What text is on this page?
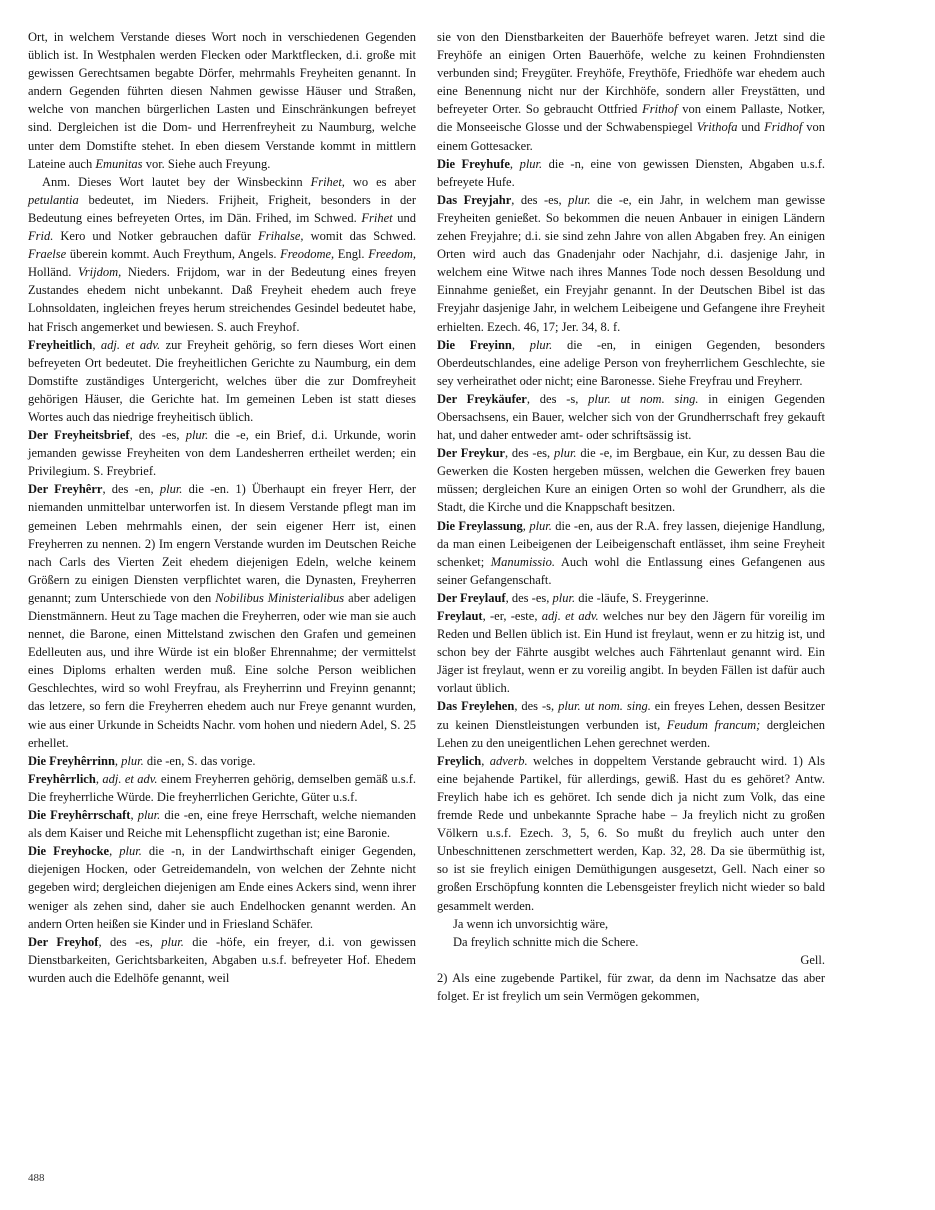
Ort, in welchem Verstande dieses Wort noch in verschiedenen Gegenden üblich ist. In Westphalen werden Flecken oder Marktflecken, d.i. große mit gewissen Gerechtsamen begabte Dörfer, mehrmahls Freyheiten genannt. In andern Gegenden führten diesen Nahmen gewisse Häuser und Straßen, welche von manchen bürgerlichen Lasten und Einschränkungen befreyet sind. Dergleichen ist die Dom- und Herrenfreyheit zu Naumburg, welche unter dem Domstifte stehet. In eben diesem Verstande kommt in mittlern Lateine auch Emunitas vor. Siehe auch Freyung.

Anm. Dieses Wort lautet bey der Winsbeckinn Frihet, wo es aber petulantia bedeutet, im Nieders. Frijheit, Frigheit, besonders in der Bedeutung eines befreyeten Ortes, im Dän. Frihed, im Schwed. Frihet und Frid. Kero und Notker gebrauchen dafür Frihalse, womit das Schwed. Fraelse überein kommt. Auch Freythum, Angels. Freodome, Engl. Freedom, Holländ. Vrijdom, Nieders. Frijdom, war in der Bedeutung eines freyen Zustandes ehedem nicht unbekannt. Daß Freyheit ehedem auch freye Lohnsoldaten, ingleichen freyes herum streichendes Gesindel bedeutet habe, hat Frisch angemerket und bewiesen. S. auch Freyhof.

Freyheitlich, adj. et adv. zur Freyheit gehörig, so fern dieses Wort einen befreyeten Ort bedeutet. Die freyheitlichen Gerichte zu Naumburg, ein dem Domstifte zuständiges Untergericht, welches über die zur Domfreyheit gehörigen Häuser, die Gerichte hat. Im gemeinen Leben ist statt dieses Wortes auch das niedrige freyheitisch üblich.

Der Freyheitsbrief, des -es, plur. die -e, ein Brief, d.i. Urkunde, worin jemanden gewisse Freyheiten von dem Landesherren ertheilet werden; ein Privilegium. S. Freybrief.

Der Freyhêrr, des -en, plur. die -en. 1) Überhaupt ein freyer Herr, der niemanden unmittelbar unterworfen ist. In diesem Verstande pflegt man im gemeinen Leben mehrmahls einen, der sein eigener Herr ist, einen Freyherren zu nennen. 2) Im engern Verstande wurden im Deutschen Reiche nach Carls des Vierten Zeit ehedem diejenigen Edeln, welche keinem Größern zu einigen Diensten verpflichtet waren, die Dynasten, Freyherren genannt; zum Unterschiede von den Nobilibus Ministerialibus aber adeligen Dienstmännern. Heut zu Tage machen die Freyherren, oder wie man sie auch nennet, die Barone, einen Mittelstand zwischen den Grafen und gemeinen Edelleuten aus, und ihre Würde ist ein bloßer Ehrennahme; der vermittelst eines Diploms erhalten werden muß. Eine solche Person weiblichen Geschlechtes, wird so wohl Freyfrau, als Freyherrinn und Freyinn genannt; das letzere, so fern die Freyherren ehedem auch nur Freye genannt wurden, wie aus einer Urkunde in Scheidts Nachr. vom hohen und niedern Adel, S. 25 erhellet.

Die Freyhêrrinn, plur. die -en, S. das vorige.

Freyhêrrlich, adj. et adv. einem Freyherren gehörig, demselben gemäß u.s.f. Die freyherrliche Würde. Die freyherrlichen Gerichte, Güter u.s.f.

Die Freyhêrrschaft, plur. die -en, eine freye Herrschaft, welche niemanden als dem Kaiser und Reiche mit Lehenspflicht zugethan ist; eine Baronie.

Die Freyhocke, plur. die -n, in der Landwirthschaft einiger Gegenden, diejenigen Hocken, oder Getreidemandeln, von welchen der Zehnte nicht gegeben wird; dergleichen diejenigen am Ende eines Ackers sind, wenn ihrer weniger als zehen sind, daher sie auch Endelhocken genannt werden. An andern Orten heißen sie Kinder und in Friesland Schäfer.

Der Freyhof, des -es, plur. die -höfe, ein freyer, d.i. von gewissen Dienstbarkeiten, Gerichtsbarkeiten, Abgaben u.s.f. befreyeter Hof. Ehedem wurden auch die Edelhöfe genannt, weil

sie von den Dienstbarkeiten der Bauerhöfe befreyet waren. Jetzt sind die Freyhöfe an einigen Orten Bauerhöfe, welche zu keinen Frohndiensten verbunden sind; Freygüter. Freyhöfe, Freythöfe, Friedhöfe war ehedem auch eine Benennung nicht nur der Kirchhöfe, sondern aller Freystätten, und befreyeter Orter. So gebraucht Ottfried Frithof von einem Pallaste, Notker, die Monseeische Glosse und der Schwabenspiegel Vrithofa und Fridhof von einem Gottesacker.

Die Freyhufe, plur. die -n, eine von gewissen Diensten, Abgaben u.s.f. befreyete Hufe.

Das Freyjahr, des -es, plur. die -e, ein Jahr, in welchem man gewisse Freyheiten genießet. So bekommen die neuen Anbauer in einigen Ländern zehen Freyjahre; d.i. sie sind zehn Jahre von allen Abgaben frey. An einigen Orten wird auch das Gnadenjahr oder Nachjahr, d.i. dasjenige Jahr, in welchem eine Witwe nach ihres Mannes Tode noch dessen Besoldung und Einnahme genießet, ein Freyjahr genannt. In der Deutschen Bibel ist das Freyjahr dasjenige Jahr, in welchem Leibeigene und Gefangene ihre Freyheit erhielten. Ezech. 46, 17; Jer. 34, 8. f.

Die Freyinn, plur. die -en, in einigen Gegenden, besonders Oberdeutschlandes, eine adelige Person von freyherrlichem Geschlechte, sie sey verheirathet oder nicht; eine Baronesse. Siehe Freyfrau und Freyherr.

Der Freykäufer, des -s, plur. ut nom. sing. in einigen Gegenden Obersachsens, ein Bauer, welcher sich von der Grundherrschaft frey gekauft hat, und daher entweder amt- oder schriftsässig ist.

Der Freykur, des -es, plur. die -e, im Bergbaue, ein Kur, zu dessen Bau die Gewerken die Kosten hergeben müssen, welchen die Gewerken frey bauen müssen; dergleichen Kure an einigen Orten so wohl der Grundherr, als die Stadt, die Kirche und die Knappschaft besitzen.

Die Freylassung, plur. die -en, aus der R.A. frey lassen, diejenige Handlung, da man einen Leibeigenen der Leibeigenschaft entlässet, ihm seine Freyheit schenket; Manumissio. Auch wohl die Entlassung eines Gefangenen aus seiner Gefangenschaft.

Der Freylauf, des -es, plur. die -läufe, S. Freygerinne.

Freylaut, -er, -este, adj. et adv. welches nur bey den Jägern für voreilig im Reden und Bellen üblich ist. Ein Hund ist freylaut, wenn er zu hitzig ist, und schon bey der Fährte ausgibt welches auch Fährtenlaut genannt wird. Ein Jäger ist freylaut, wenn er zu voreilig angibt. In beyden Fällen ist dafür auch vorlaut üblich.

Das Freylehen, des -s, plur. ut nom. sing. ein freyes Lehen, dessen Besitzer zu keinen Dienstleistungen verbunden ist, Feudum francum; dergleichen Lehen zu den uneigentlichen Lehen gerechnet werden.

Freylich, adverb. welches in doppeltem Verstande gebraucht wird. 1) Als eine bejahende Partikel, für allerdings, gewiß. Hast du es gehöret? Antw. Freylich habe ich es gehöret. Ich sende dich ja nicht zum Volk, das eine fremde Rede und unbekannte Sprache habe – Ja freylich nicht zu großen Völkern u.s.f. Ezech. 3, 5, 6. So mußt du freylich auch unter den Unbeschnittenen zerschmettert werden, Kap. 32, 28. Da sie übermüthig ist, so ist sie freylich einigen Demüthigungen ausgesetzt, Gell. Nach einer so großen Erschöpfung konnten die Lebensgeister freylich nicht wieder so bald gesammelt werden.

Ja wenn ich unvorsichtig wäre,

Da freylich schnitte mich die Schere.

Gell.

2) Als eine zugebende Partikel, für zwar, da denn im Nachsatze das aber folget. Er ist freylich um sein Vermögen gekommen,

488
